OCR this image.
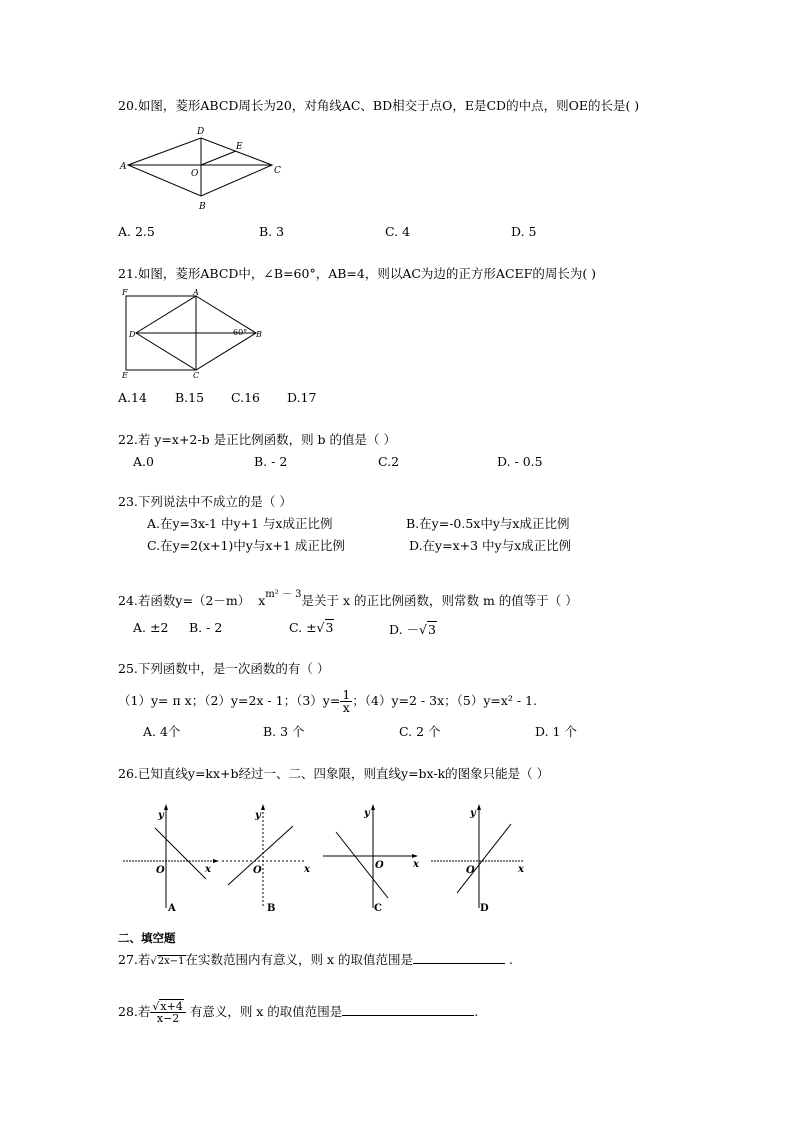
20.如图，菱形ABCD周长为20，对角线AC、BD相交于点O，E是CD的中点，则OE的长是( )
A
D
E
C
O
B
A. 2.5	B. 3	C. 4	D. 5
21.如图，菱形ABCD中，∠B=60°，AB=4，则以AC为边的正方形ACEF的周长为( )
F	A
D	B
60°
E	C
A.14 B.15 C.16 D.17
22.若 y=x+2-b 是正比例函数，则 b 的值是（ ）
A.0	B. - 2	C.2	D. - 0.5
23.下列说法中不成立的是（ ）
A.在y=3x-1 中y+1 与x成正比例	B.在y=-0.5x中y与x成正比例
C.在y=2(x+1)中y与x+1 成正比例	D.在y=x+3 中y与x成正比例
24.若函数y=（2－m） $x^{m^2 - 3}$是关于 x 的正比例函数，则常数 m 的值等于（ ）
A. ±2 B. - 2	C. ±√3	D. －√3
25.下列函数中，是一次函数的有（ ）
（1）y= π x；（2）y=2x - 1；$(3)y= \frac{1}{x}$ ；（4）y=2 - 3x；（5）y=x² - 1.
A. 4个	B. 3 个	C. 2 个	D. 1 个
26.已知直线y=kx+b经过一、二、四象限，则直线y=bx-k的图象只能是（ ）
y	y	y	y
x	x	x	x
O	O	O	O
A	B	C	D
二、填空题
27.若√2x−1在实数范围内有意义，则 x 的取值范围是	.
28.若 $\frac{√x+4}{x-2}$ 有意义，则 x 的取值范围是	.
